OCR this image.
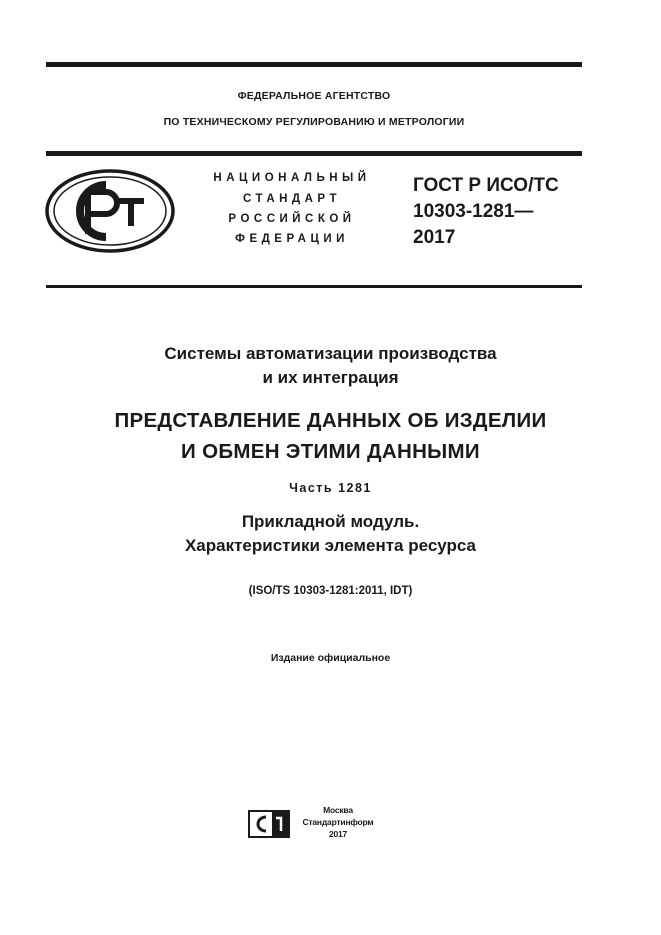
ФЕДЕРАЛЬНОЕ АГЕНТСТВО
ПО ТЕХНИЧЕСКОМУ РЕГУЛИРОВАНИЮ И МЕТРОЛОГИИ
НАЦИОНАЛЬНЫЙ
СТАНДАРТ
РОССИЙСКОЙ
ФЕДЕРАЦИИ
ГОСТ Р ИСО/ТС
10303-1281—
2017
Системы автоматизации производства
и их интеграция
ПРЕДСТАВЛЕНИЕ ДАННЫХ ОБ ИЗДЕЛИИ
И ОБМЕН ЭТИМИ ДАННЫМИ
Часть 1281
Прикладной модуль.
Характеристики элемента ресурса
(ISO/TS 10303-1281:2011, IDT)
Издание официальное
Москва
Стандартинформ
2017
